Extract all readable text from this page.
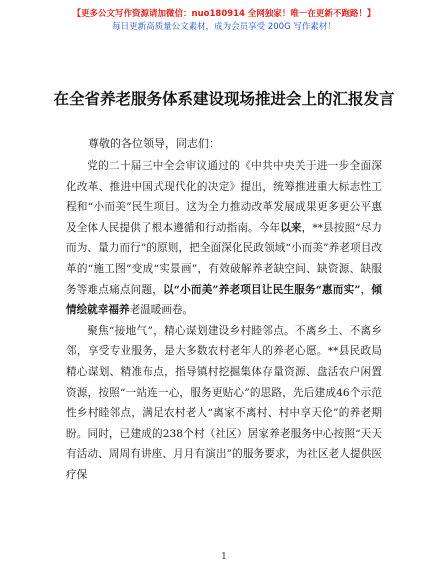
【更多公文写作资源请加微信：nuo180914 全网独家！唯一在更新不跑路！】
每日更新高质量公文素材，成为会员享受 200G 写作素材！
在全省养老服务体系建设现场推进会上的汇报发言
尊敬的各位领导，同志们：

党的二十届三中全会审议通过的《中共中央关于进一步全面深化改革、推进中国式现代化的决定》提出，统筹推进重大标志性工程和“小而美”民生项目。这为全力推动改革发展成果更多更公平惠及全体人民提供了根本遵循和行动指南。今年以来，**县按照“尽力而为、量力而行”的原则，把全面深化民政领域“小而美”养老项目改革的“施工图”变成“实景画”，有效破解养老缺空间、缺资源、缺服务等难点痛点问题，以“小而美”养老项目让民生服务“惠而实”，倾情绘就幸福养老温暖画卷。

聚焦“接地气”，精心谋划建设乡村睦邻点。不离乡土、不离乡邻，享受专业服务，是大多数农村老年人的养老心愿。**县民政局精心谋划、精准布点，指导镇村挖掘集体存量资源、盘活农户闲置资源，按照“一站连一心，服务更贴心”的思路，先后建成46个示范性乡村睦邻点，满足农村老人“离家不离村、村中享天伦”的养老期盼。同时，已建成的238个村（社区）居家养老服务中心按照“天天有活动、周周有讲座、月月有演出”的服务要求，为社区老人提供医疗保

1
